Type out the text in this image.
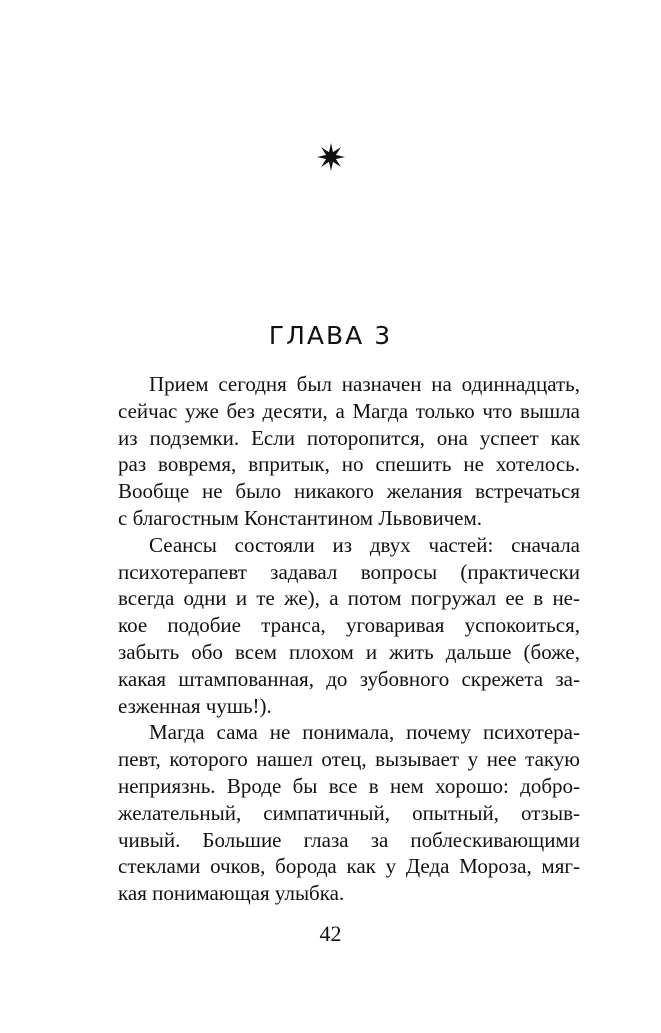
ГЛАВА 3
Прием сегодня был назначен на одиннадцать,
сейчас уже без десяти, а Магда только что вышла
из подземки. Если поторопится, она успеет как
раз вовремя, впритык, но спешить не хотелось.
Вообще не было никакого желания встречаться
с благостным Константином Львовичем.
Сеансы состояли из двух частей: сначала
психотерапевт задавал вопросы (практически
всегда одни и те же), а потом погружал ее в не-
кое подобие транса, уговаривая успокоиться,
забыть обо всем плохом и жить дальше (боже,
какая штампованная, до зубовного скрежета за-
езженная чушь!).
Магда сама не понимала, почему психотера-
певт, которого нашел отец, вызывает у нее такую
неприязнь. Вроде бы все в нем хорошо: добро-
желательный, симпатичный, опытный, отзыв-
чивый. Большие глаза за поблескивающими
стеклами очков, борода как у Деда Мороза, мяг-
кая понимающая улыбка.
42
